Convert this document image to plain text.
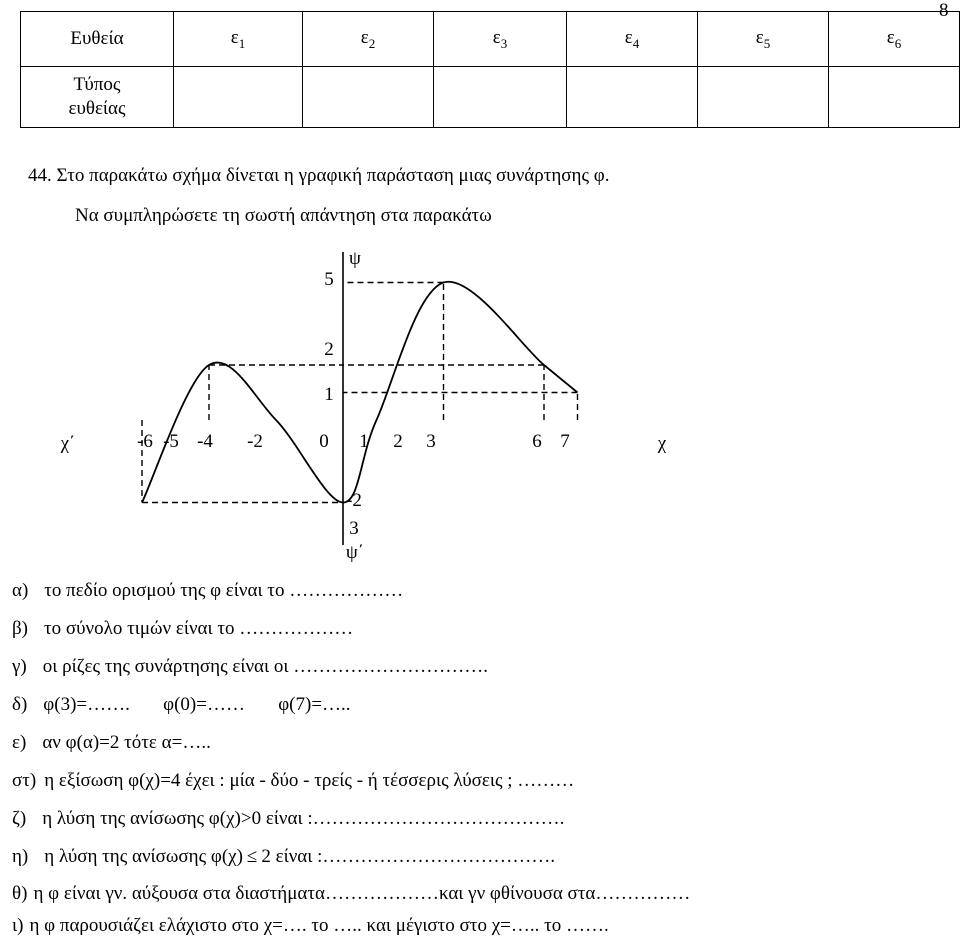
8
Ευθεία	$\varepsilon_1$	$\varepsilon_2$	$\varepsilon_3$	$\varepsilon_4$	$\varepsilon_5$	$\varepsilon_6$

Τύπος
ευθείας						

44. Στο παρακάτω σχήμα δίνεται η γραφική παράσταση μιας συνάρτησης φ.
Να συμπληρώσετε τη σωστή απάντηση στα παρακάτω
ψ
ψ΄
χ΄	χ
5
2
1
-2
3
-6 -5 -4 -2	0 1 2 3	6 7
α) το πεδίο ορισμού της φ είναι το ………………
β) το σύνολο τιμών είναι το ………………
γ) οι ρίζες της συνάρτησης είναι οι ………………………….
δ) φ(3)=…….       φ(0)=……       φ(7)=…..
ε) αν φ(α)=2 τότε α=…..
στ) η εξίσωση φ(χ)=4 έχει : μία - δύο - τρείς - ή τέσσερις λύσεις ; ………
ζ) η λύση της ανίσωσης φ(χ)>0 είναι :………………………………….
η) η λύση της ανίσωσης φ(χ) ≤ 2 είναι :……………………………….
θ) η φ είναι γν. αύξουσα στα διαστήματα………………και γν φθίνουσα στα……………
ι) η φ παρουσιάζει ελάχιστο στο χ=…. το ….. και μέγιστο στο χ=….. το …….
